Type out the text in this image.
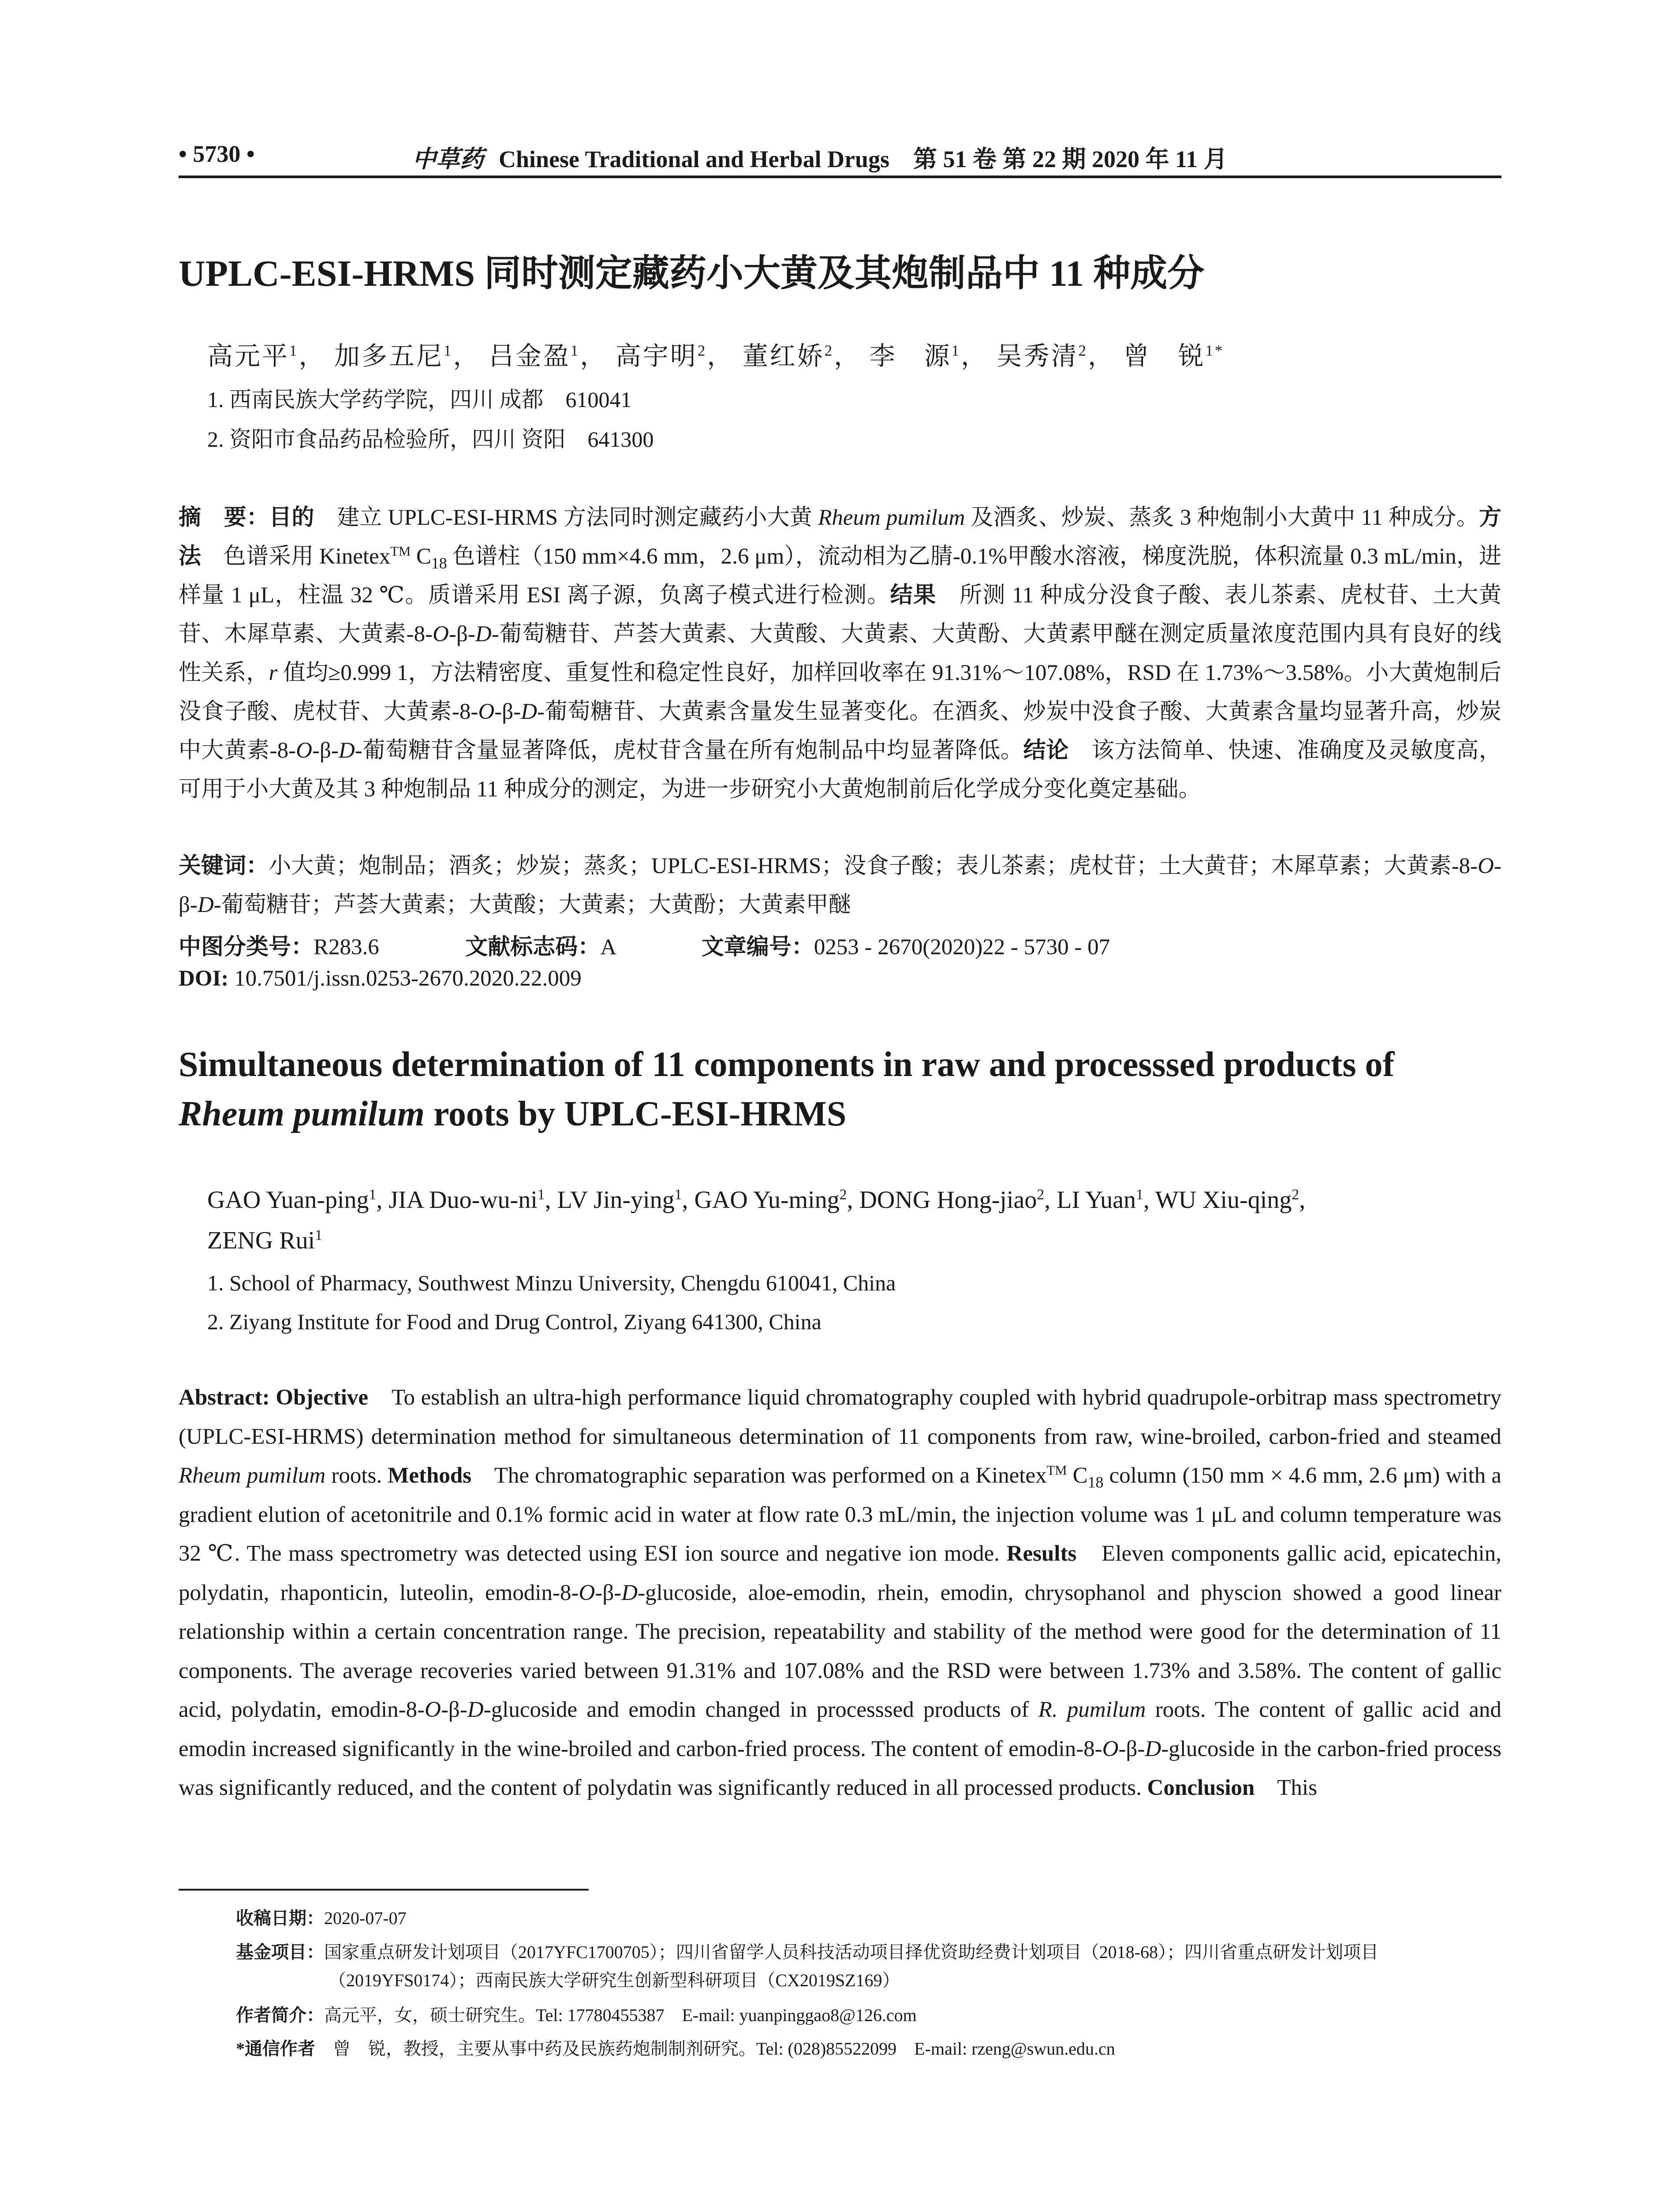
• 5730 •	中草药 Chinese Traditional and Herbal Drugs 第 51 卷 第 22 期 2020 年 11 月
UPLC-ESI-HRMS 同时测定藏药小大黄及其炮制品中 11 种成分
高元平$^1$， 加多五尼$^1$， 吕金盈$^1$， 高宇明$^2$， 董红娇$^2$， 李　源$^1$， 吴秀清$^2$， 曾　锐$^{1*}$
1. 西南民族大学药学院，四川 成都　610041
2. 资阳市食品药品检验所，四川 资阳　641300
摘　要：目的　建立 UPLC-ESI-HRMS 方法同时测定藏药小大黄 Rheum pumilum 及酒炙、炒炭、蒸炙 3 种炮制小大黄中 11 种成分。方法　色谱采用 Kinetex™ $C_{18}$ 色谱柱（150 mm×4.6 mm，2.6 μm），流动相为乙腈-0.1%甲酸水溶液，梯度洗脱，体积流量 0.3 mL/min，进样量 1 μL，柱温 32 ℃。质谱采用 ESI 离子源，负离子模式进行检测。结果　所测 11 种成分没食子酸、表儿茶素、虎杖苷、土大黄苷、木犀草素、大黄素-8-O-β-D-葡萄糖苷、芦荟大黄素、大黄酸、大黄素、大黄酚、大黄素甲醚在测定质量浓度范围内具有良好的线性关系，r 值均≥0.999 1，方法精密度、重复性和稳定性良好，加样回收率在 91.31%～107.08%，RSD 在 1.73%～3.58%。小大黄炮制后没食子酸、虎杖苷、大黄素-8-O-β-D-葡萄糖苷、大黄素含量发生显著变化。在酒炙、炒炭中没食子酸、大黄素含量均显著升高，炒炭中大黄素-8-O-β-D-葡萄糖苷含量显著降低，虎杖苷含量在所有炮制品中均显著降低。结论　该方法简单、快速、准确度及灵敏度高，可用于小大黄及其 3 种炮制品 11 种成分的测定，为进一步研究小大黄炮制前后化学成分变化奠定基础。
关键词：小大黄；炮制品；酒炙；炒炭；蒸炙；UPLC-ESI-HRMS；没食子酸；表儿茶素；虎杖苷；土大黄苷；木犀草素；大黄素-8-O-β-D-葡萄糖苷；芦荟大黄素；大黄酸；大黄素；大黄酚；大黄素甲醚
中图分类号：R283.6	文献标志码：A	文章编号：0253 - 2670(2020)22 - 5730 - 07
DOI: 10.7501/j.issn.0253-2670.2020.22.009
Simultaneous determination of 11 components in raw and processsed products of
Rheum pumilum roots by UPLC-ESI-HRMS
GAO Yuan-ping$^1$, JIA Duo-$wu-ni^1$, LV Jin-ying$^1$, GAO Yu-ming$^2$, DONG Hong-jiao$^2$, LI Yuan$^1$, WU Xiu-qing$^2$,
ZENG Rui$^1$
1. School of Pharmacy, Southwest Minzu University, Chengdu 610041, China
2. Ziyang Institute for Food and Drug Control, Ziyang 641300, China
Abstract: Objective　To establish an ultra-high performance liquid chromatography coupled with hybrid quadrupole-orbitrap mass spectrometry (UPLC-ESI-HRMS) determination method for simultaneous determination of 11 components from raw, wine-broiled, carbon-fried and steamed Rheum pumilum roots. Methods　The chromatographic separation was performed on a Kinetex™ $C_{18}$ column (150 mm × 4.6 mm, 2.6 μm) with a gradient elution of acetonitrile and 0.1% formic acid in water at flow rate 0.3 mL/min, the injection volume was 1 μL and column temperature was 32 ℃. The mass spectrometry was detected using ESI ion source and negative ion mode. Results　Eleven components gallic acid, epicatechin, polydatin, rhaponticin, luteolin, emodin-8-O-β-D-glucoside, aloe-emodin, rhein, emodin, chrysophanol and physcion showed a good linear relationship within a certain concentration range. The precision, repeatability and stability of the method were good for the determination of 11 components. The average recoveries varied between 91.31% and 107.08% and the RSD were between 1.73% and 3.58%. The content of gallic acid, polydatin, emodin-8-O-β-D-glucoside and emodin changed in processsed products of R. pumilum roots. The content of gallic acid and emodin increased significantly in the wine-broiled and carbon-fried process. The content of emodin-8-O-β-D-glucoside in the carbon-fried process was significantly reduced, and the content of polydatin was significantly reduced in all processed products. Conclusion　This
收稿日期：2020-07-07
基金项目：国家重点研发计划项目（2017YFC1700705）；四川省留学人员科技活动项目择优资助经费计划项目（2018-68）；四川省重点研发计划项目（2019YFS0174）；西南民族大学研究生创新型科研项目（CX2019SZ169）
作者简介：高元平，女，硕士研究生。Tel: 17780455387　E-mail: yuanpinggao8@126.com
*通信作者　曾　锐，教授，主要从事中药及民族药炮制制剂研究。Tel: (028)85522099　E-mail: rzeng@swun.edu.cn
